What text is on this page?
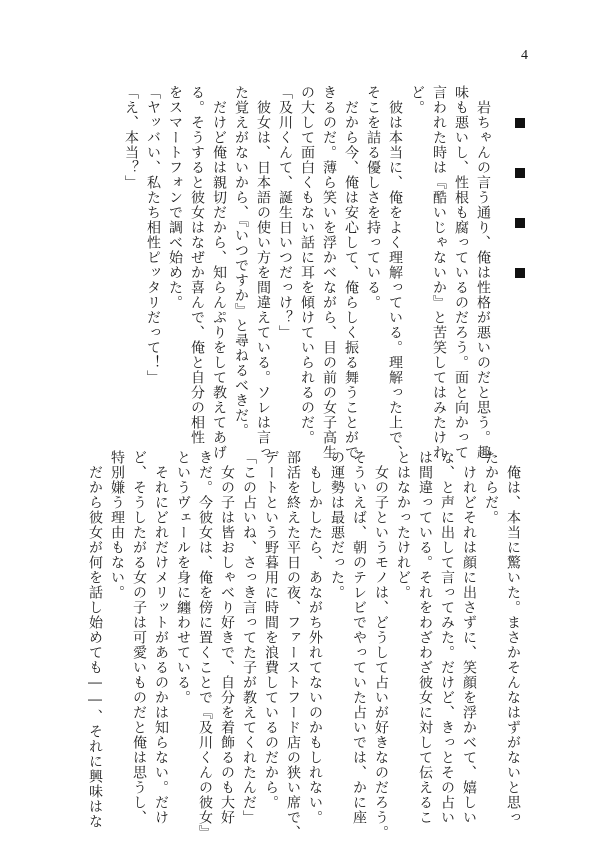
4

　岩ちゃんの言う通り、俺は性格が悪いのだと思う。趣

味も悪いし、性根も腐っているのだろう。面と向かって

言われた時は『酷いじゃないか』と苦笑してはみたけれ

ど。

　彼は本当に、俺をよく理解っている。理解った上で、

そこを詰る優しさを持っている。

　だから今、俺は安心して、俺らしく振る舞うことがで

きるのだ。薄ら笑いを浮かべながら、目の前の女子高生

の大して面白くもない話に耳を傾けていられるのだ。

「及川くんて、誕生日いつだっけ？」

　彼女は、日本語の使い方を間違えている。ソレは言っ

た覚えがないから、『いつですか』と尋ねるべきだ。

　だけど俺は親切だから、知らんぷりをして教えてあげ

る。そうすると彼女はなぜか喜んで、俺と自分の相性

をスマートフォンで調べ始めた。

「ヤッバい、私たち相性ピッタリだって！」

「え、本当？」

　俺は、本当に驚いた。まさかそんなはずがないと思っ

たからだ。

　けれどそれは顔に出さずに、笑顔を浮かべて、嬉しい

な、と声に出して言ってみた。だけど、きっとその占い

は間違っている。それをわざわざ彼女に対して伝えるこ

とはなかったけれど。

　女の子というモノは、どうして占いが好きなのだろう。

そういえば、朝のテレビでやっていた占いでは、かに座

の運勢は最悪だった。

　もしかしたら、あながち外れてないのかもしれない。

部活を終えた平日の夜、ファーストフード店の狭い席で、

デートという野暮用に時間を浪費しているのだから。

「この占いね、さっき言ってた子が教えてくれたんだ」

　女の子は皆おしゃべり好きで、自分を着飾るのも大好

きだ。今彼女は、俺を傍に置くことで『及川くんの彼女』

というヴェールを身に纏わせている。

　それにどれだけメリットがあるのかは知らない。だけ

ど、そうしたがる女の子は可愛いものだと俺は思うし、

特別嫌う理由もない。

　だから彼女が何を話し始めても――、それに興味はな
